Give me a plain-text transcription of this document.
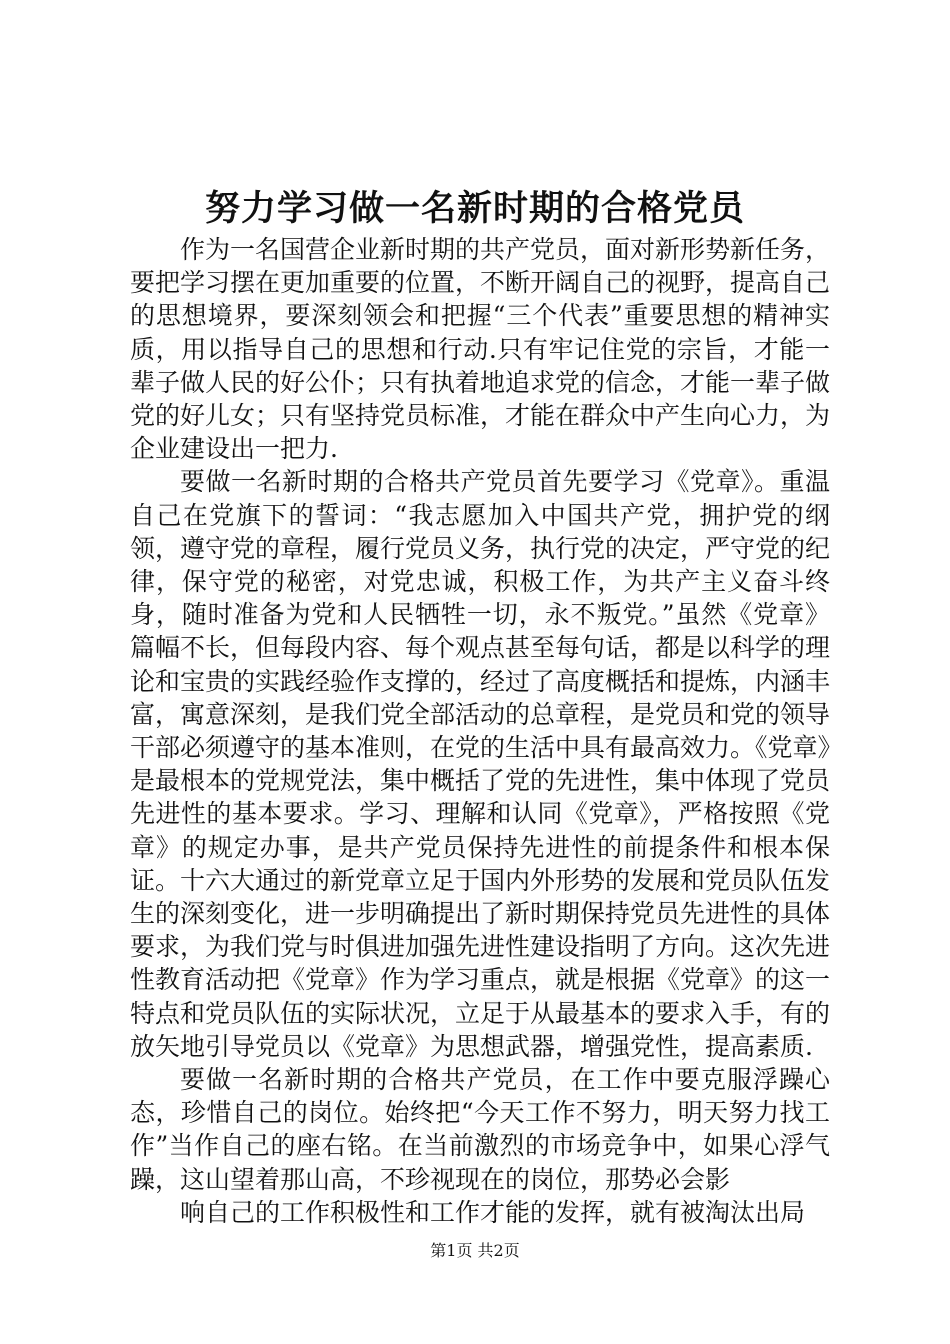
努力学习做一名新时期的合格党员

作为一名国营企业新时期的共产党员，面对新形势新任务，要把学习摆在更加重要的位置，不断开阔自己的视野，提高自己的思想境界，要深刻领会和把握“三个代表”重要思想的精神实质，用以指导自己的思想和行动.只有牢记住党的宗旨，才能一辈子做人民的好公仆；只有执着地追求党的信念，才能一辈子做党的好儿女；只有坚持党员标准，才能在群众中产生向心力，为企业建设出一把力.

要做一名新时期的合格共产党员首先要学习《党章》。重温自己在党旗下的誓词：“我志愿加入中国共产党，拥护党的纲领，遵守党的章程，履行党员义务，执行党的决定，严守党的纪律，保守党的秘密，对党忠诚，积极工作，为共产主义奋斗终身，随时准备为党和人民牺牲一切，永不叛党。”虽然《党章》篇幅不长，但每段内容、每个观点甚至每句话，都是以科学的理论和宝贵的实践经验作支撑的，经过了高度概括和提炼，内涵丰富，寓意深刻，是我们党全部活动的总章程，是党员和党的领导干部必须遵守的基本准则，在党的生活中具有最高效力。《党章》是最根本的党规党法，集中概括了党的先进性，集中体现了党员先进性的基本要求。学习、理解和认同《党章》，严格按照《党章》的规定办事，是共产党员保持先进性的前提条件和根本保证。十六大通过的新党章立足于国内外形势的发展和党员队伍发生的深刻变化，进一步明确提出了新时期保持党员先进性的具体要求，为我们党与时俱进加强先进性建设指明了方向。这次先进性教育活动把《党章》作为学习重点，就是根据《党章》的这一特点和党员队伍的实际状况，立足于从最基本的要求入手，有的放矢地引导党员以《党章》为思想武器，增强党性，提高素质.

要做一名新时期的合格共产党员，在工作中要克服浮躁心态，珍惜自己的岗位。始终把“今天工作不努力，明天努力找工作”当作自己的座右铭。在当前激烈的市场竞争中，如果心浮气躁，这山望着那山高，不珍视现在的岗位，那势必会影

响自己的工作积极性和工作才能的发挥，就有被淘汰出局

第1页 共2页
